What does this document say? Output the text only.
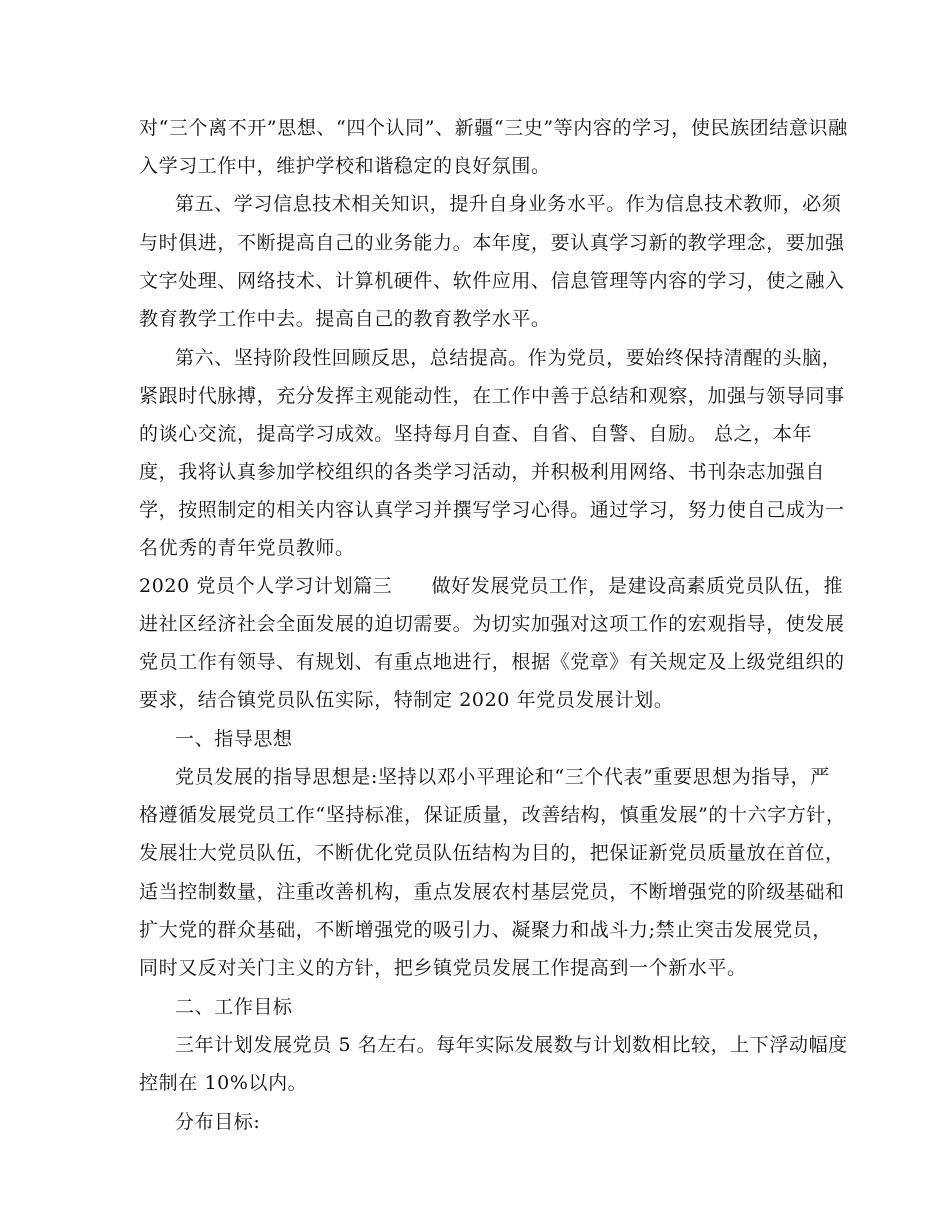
对“三个离不开”思想、“四个认同”、新疆“三史”等内容的学习，使民族团结意识融
入学习工作中，维护学校和谐稳定的良好氛围。
第五、学习信息技术相关知识，提升自身业务水平。作为信息技术教师，必须
与时俱进，不断提高自己的业务能力。本年度，要认真学习新的教学理念，要加强
文字处理、网络技术、计算机硬件、软件应用、信息管理等内容的学习，使之融入
教育教学工作中去。提高自己的教育教学水平。
第六、坚持阶段性回顾反思，总结提高。作为党员，要始终保持清醒的头脑，
紧跟时代脉搏，充分发挥主观能动性，在工作中善于总结和观察，加强与领导同事
的谈心交流，提高学习成效。坚持每月自查、自省、自警、自励。 总之，本年
度，我将认真参加学校组织的各类学习活动，并积极利用网络、书刊杂志加强自
学，按照制定的相关内容认真学习并撰写学习心得。通过学习，努力使自己成为一
名优秀的青年党员教师。
2020 党员个人学习计划篇三　　做好发展党员工作，是建设高素质党员队伍，推
进社区经济社会全面发展的迫切需要。为切实加强对这项工作的宏观指导，使发展
党员工作有领导、有规划、有重点地进行，根据《党章》有关规定及上级党组织的
要求，结合镇党员队伍实际，特制定 2020 年党员发展计划。
一、指导思想
党员发展的指导思想是:坚持以邓小平理论和“三个代表”重要思想为指导，严
格遵循发展党员工作“坚持标准，保证质量，改善结构，慎重发展”的十六字方针，
发展壮大党员队伍，不断优化党员队伍结构为目的，把保证新党员质量放在首位，
适当控制数量，注重改善机构，重点发展农村基层党员，不断增强党的阶级基础和
扩大党的群众基础，不断增强党的吸引力、凝聚力和战斗力;禁止突击发展党员，
同时又反对关门主义的方针，把乡镇党员发展工作提高到一个新水平。
二、工作目标
三年计划发展党员 5 名左右。每年实际发展数与计划数相比较，上下浮动幅度
控制在 10%以内。
分布目标:
